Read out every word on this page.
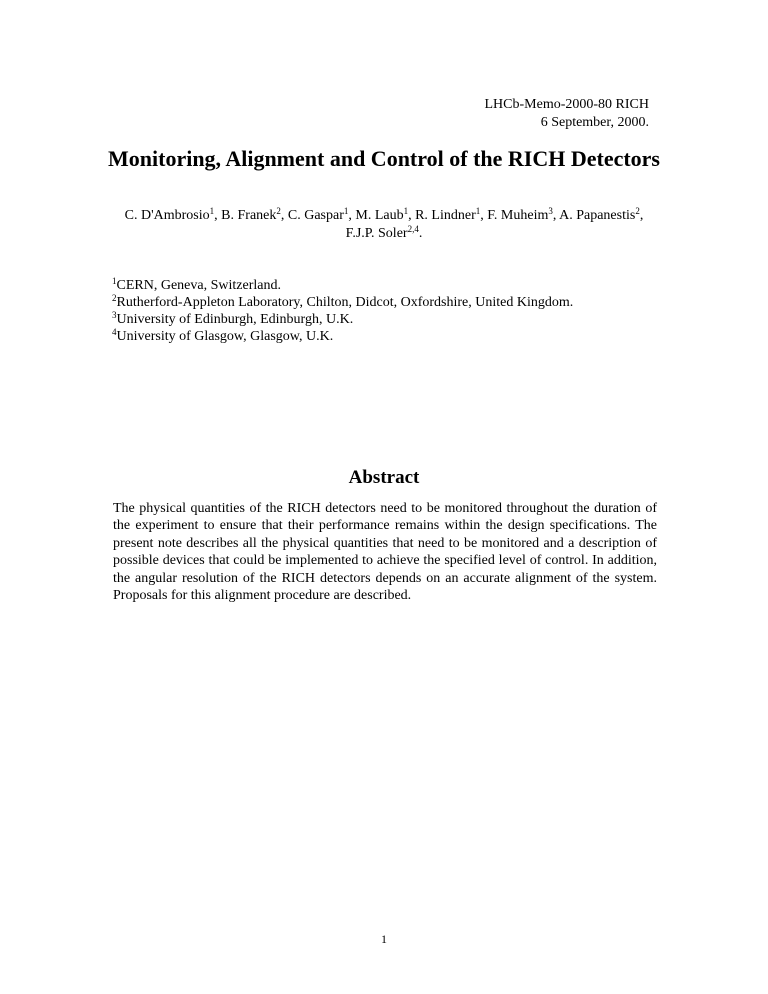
LHCb-Memo-2000-80 RICH
6 September, 2000.
Monitoring, Alignment and Control of the RICH Detectors
C. D'Ambrosio$^1$, B. Franek$^2$, C. Gaspar$^1$, M. Laub$^1$, R. Lindner$^1$, F. Muheim$^3$, A. Papanestis$^2$,
F.J.P. Soler$^{2,4}$.
$^1$CERN, Geneva, Switzerland.
$^2$Rutherford-Appleton Laboratory, Chilton, Didcot, Oxfordshire, United Kingdom.
$^3$University of Edinburgh, Edinburgh, U.K.
$^4$University of Glasgow, Glasgow, U.K.
Abstract

The physical quantities of the RICH detectors need to be monitored throughout the duration of the experiment to ensure that their performance remains within the design specifications. The present note describes all the physical quantities that need to be monitored and a description of possible devices that could be implemented to achieve the specified level of control. In addition, the angular resolution of the RICH detectors depends on an accurate alignment of the system. Proposals for this alignment procedure are described.

1
